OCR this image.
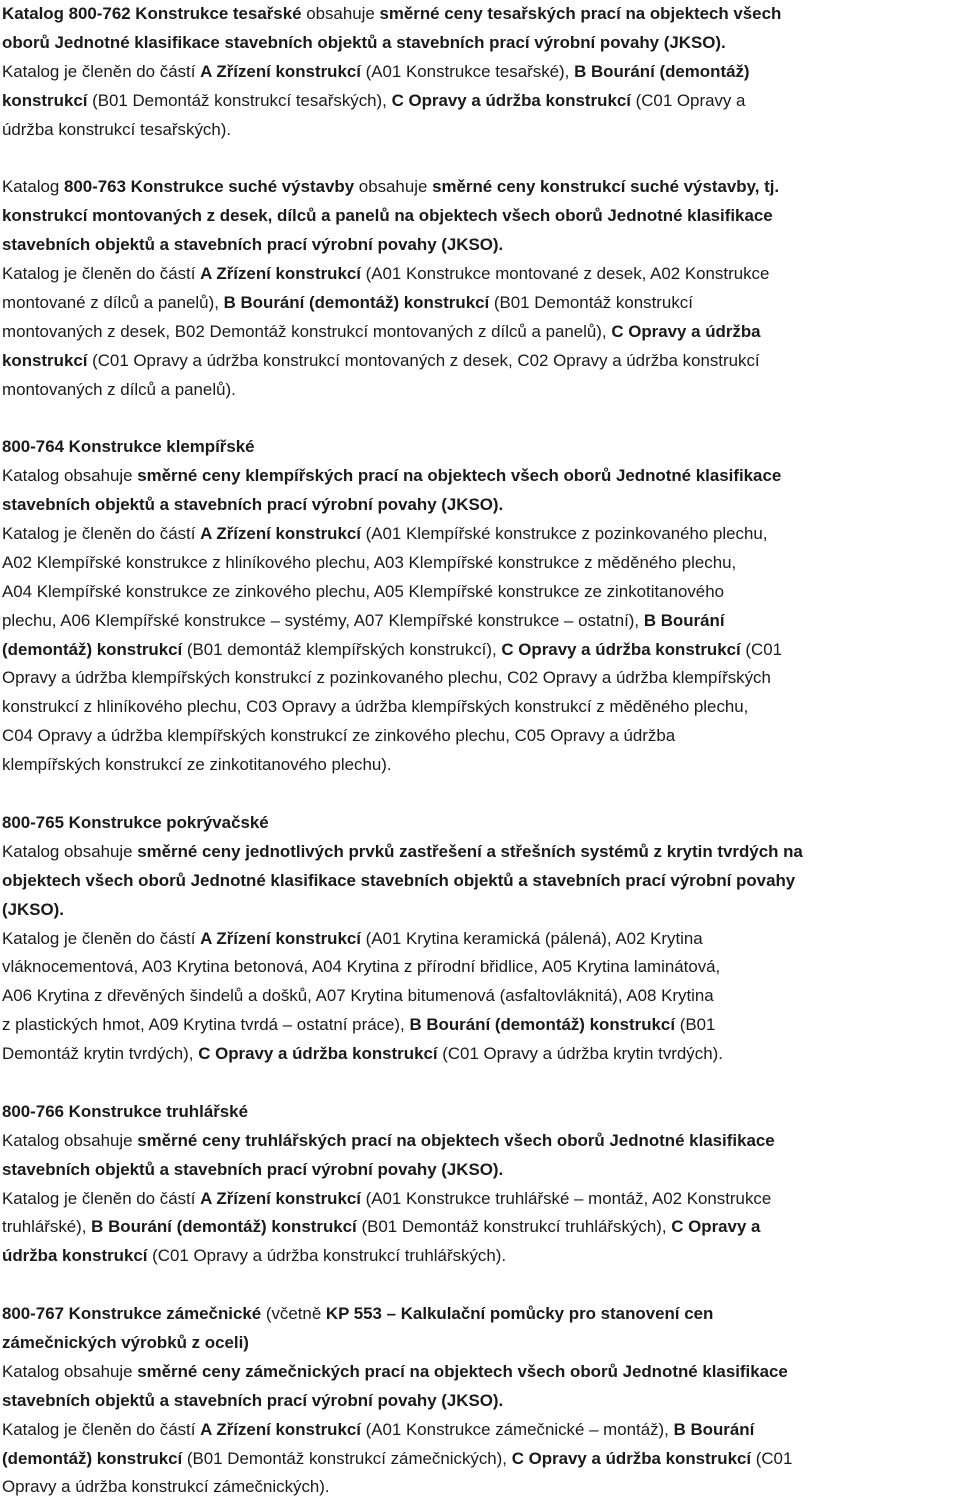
Katalog 800-762 Konstrukce tesařské obsahuje směrné ceny tesařských prací na objektech všech
oborů Jednotné klasifikace stavebních objektů a stavebních prací výrobní povahy (JKSO).
Katalog je členěn do částí A Zřízení konstrukcí (A01 Konstrukce tesařské), B Bourání (demontáž)
konstrukcí (B01 Demontáž konstrukcí tesařských), C Opravy a údržba konstrukcí (C01 Opravy a
údržba konstrukcí tesařských).
Katalog 800-763 Konstrukce suché výstavby obsahuje směrné ceny konstrukcí suché výstavby, tj.
konstrukcí montovaných z desek, dílců a panelů na objektech všech oborů Jednotné klasifikace
stavebních objektů a stavebních prací výrobní povahy (JKSO).
Katalog je členěn do částí A Zřízení konstrukcí (A01 Konstrukce montované z desek, A02 Konstrukce
montované z dílců a panelů), B Bourání (demontáž) konstrukcí (B01 Demontáž konstrukcí
montovaných z desek, B02 Demontáž konstrukcí montovaných z dílců a panelů), C Opravy a údržba
konstrukcí (C01 Opravy a údržba konstrukcí montovaných z desek, C02 Opravy a údržba konstrukcí
montovaných z dílců a panelů).
800-764 Konstrukce klempířské
Katalog obsahuje směrné ceny klempířských prací na objektech všech oborů Jednotné klasifikace
stavebních objektů a stavebních prací výrobní povahy (JKSO).
Katalog je členěn do částí A Zřízení konstrukcí (A01 Klempířské konstrukce z pozinkovaného plechu,
A02 Klempířské konstrukce z hliníkového plechu, A03 Klempířské konstrukce z měděného plechu,
A04 Klempířské konstrukce ze zinkového plechu, A05 Klempířské konstrukce ze zinkotitanového
plechu, A06 Klempířské konstrukce – systémy, A07 Klempířské konstrukce – ostatní), B Bourání
(demontáž) konstrukcí (B01 demontáž klempířských konstrukcí), C Opravy a údržba konstrukcí (C01
Opravy a údržba klempířských konstrukcí z pozinkovaného plechu, C02 Opravy a údržba klempířských
konstrukcí z hliníkového plechu, C03 Opravy a údržba klempířských konstrukcí z měděného plechu,
C04 Opravy a údržba klempířských konstrukcí ze zinkového plechu, C05 Opravy a údržba
klempířských konstrukcí ze zinkotitanového plechu).
800-765 Konstrukce pokrývačské
Katalog obsahuje směrné ceny jednotlivých prvků zastřešení a střešních systémů z krytin tvrdých na
objektech všech oborů Jednotné klasifikace stavebních objektů a stavebních prací výrobní povahy
(JKSO).
Katalog je členěn do částí A Zřízení konstrukcí (A01 Krytina keramická (pálená), A02 Krytina
vláknocementová, A03 Krytina betonová, A04 Krytina z přírodní břidlice, A05 Krytina laminátová,
A06 Krytina z dřevěných šindelů a došků, A07 Krytina bitumenová (asfaltovláknitá), A08 Krytina
z plastických hmot, A09 Krytina tvrdá – ostatní práce), B Bourání (demontáž) konstrukcí (B01
Demontáž krytin tvrdých), C Opravy a údržba konstrukcí (C01 Opravy a údržba krytin tvrdých).
800-766 Konstrukce truhlářské
Katalog obsahuje směrné ceny truhlářských prací na objektech všech oborů Jednotné klasifikace
stavebních objektů a stavebních prací výrobní povahy (JKSO).
Katalog je členěn do částí A Zřízení konstrukcí (A01 Konstrukce truhlářské – montáž, A02 Konstrukce
truhlářské), B Bourání (demontáž) konstrukcí (B01 Demontáž konstrukcí truhlářských), C Opravy a
údržba konstrukcí (C01 Opravy a údržba konstrukcí truhlářských).
800-767 Konstrukce zámečnické (včetně KP 553 – Kalkulační pomůcky pro stanovení cen
zámečnických výrobků z oceli)
Katalog obsahuje směrné ceny zámečnických prací na objektech všech oborů Jednotné klasifikace
stavebních objektů a stavebních prací výrobní povahy (JKSO).
Katalog je členěn do částí A Zřízení konstrukcí (A01 Konstrukce zámečnické – montáž), B Bourání
(demontáž) konstrukcí (B01 Demontáž konstrukcí zámečnických), C Opravy a údržba konstrukcí (C01
Opravy a údržba konstrukcí zámečnických).
